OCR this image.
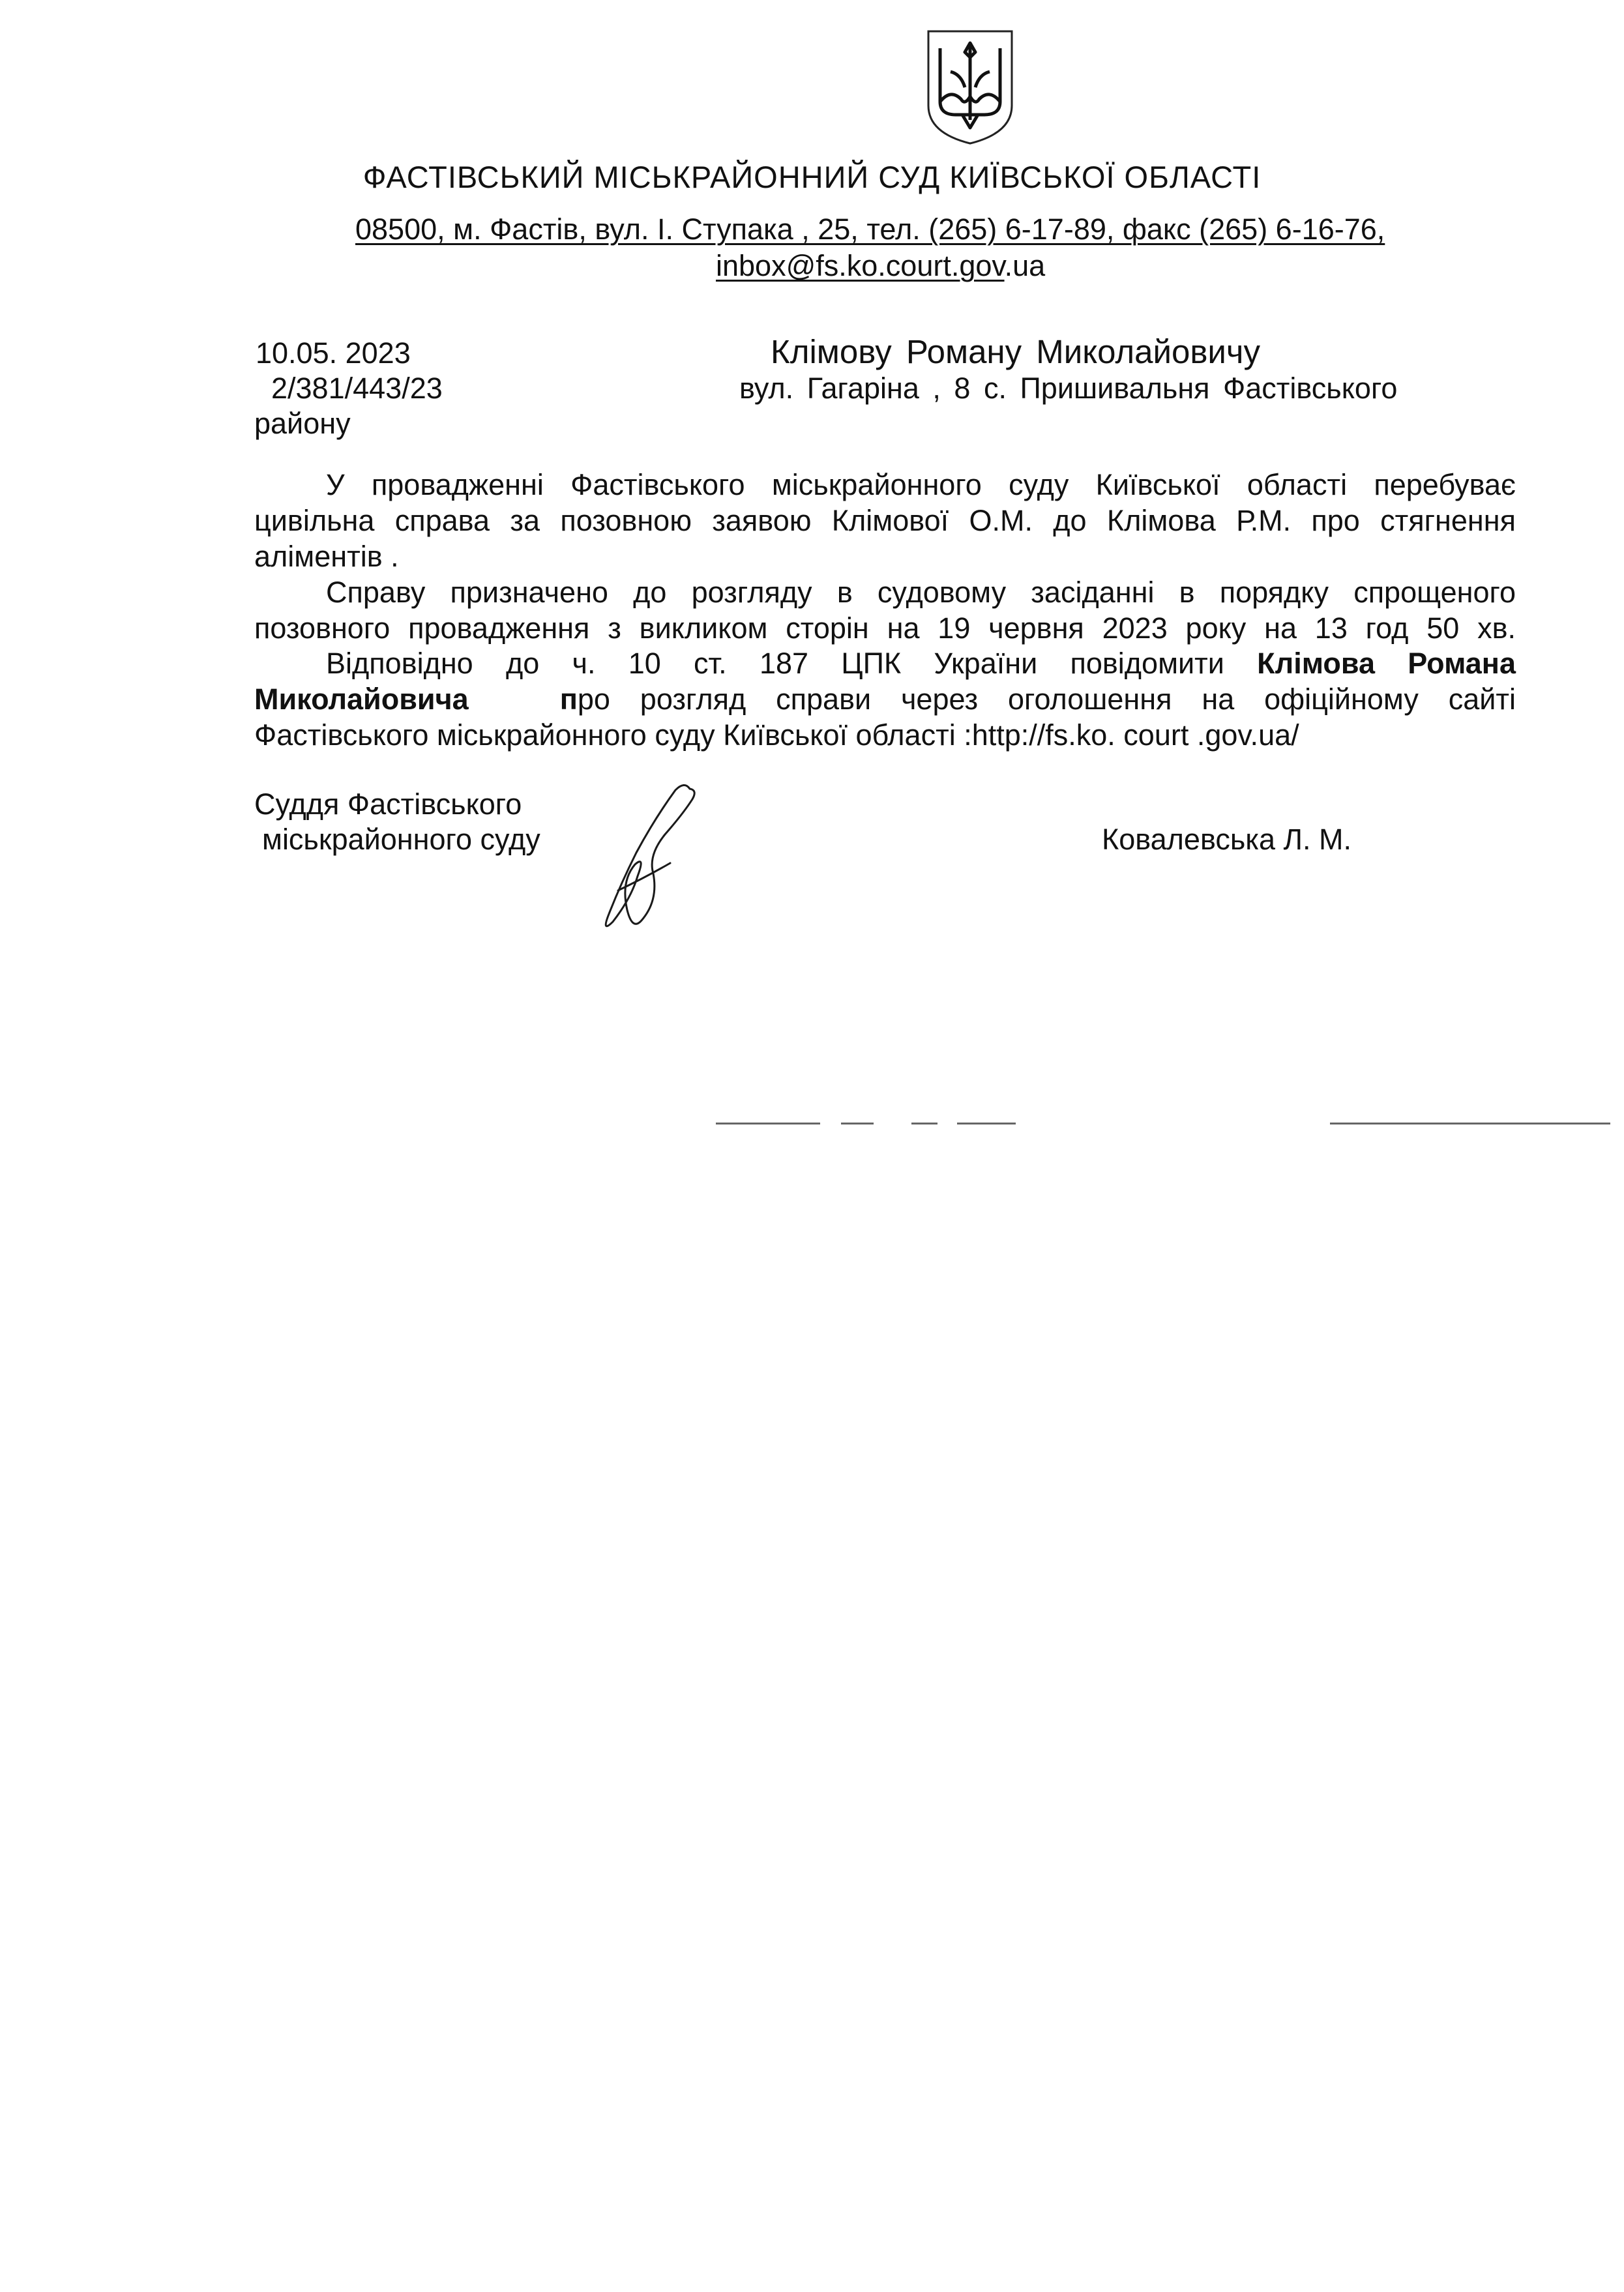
ФАСТІВСЬКИЙ МІСЬКРАЙОННИЙ СУД КИЇВСЬКОЇ ОБЛАСТІ
08500, м. Фастів, вул. І. Ступака , 25, тел. (265) 6-17-89, факс (265) 6-16-76,
inbox@fs.ko.court.gov.ua
10.05. 2023
2/381/443/23
району
Клімову Роману Миколайовичу
вул. Гагаріна , 8 с. Пришивальня Фастівського
У провадженні Фастівського міськрайонного суду Київської області перебуває
цивільна справа за позовною заявою Клімової О.М. до Клімова Р.М. про стягнення
аліментів .
Справу призначено до розгляду в судовому засіданні в порядку спрощеного
позовного провадження з викликом сторін на 19 червня 2023 року на 13 год 50 хв.
Відповідно до ч. 10 ст. 187 ЦПК України повідомити Клімова Романа
Миколайовича	про розгляд справи через оголошення на офіційному сайті
Фастівського міськрайонного суду Київської області :http://fs.ko. court .gov.ua/
Суддя Фастівського
міськрайонного суду	Ковалевська Л. М.
